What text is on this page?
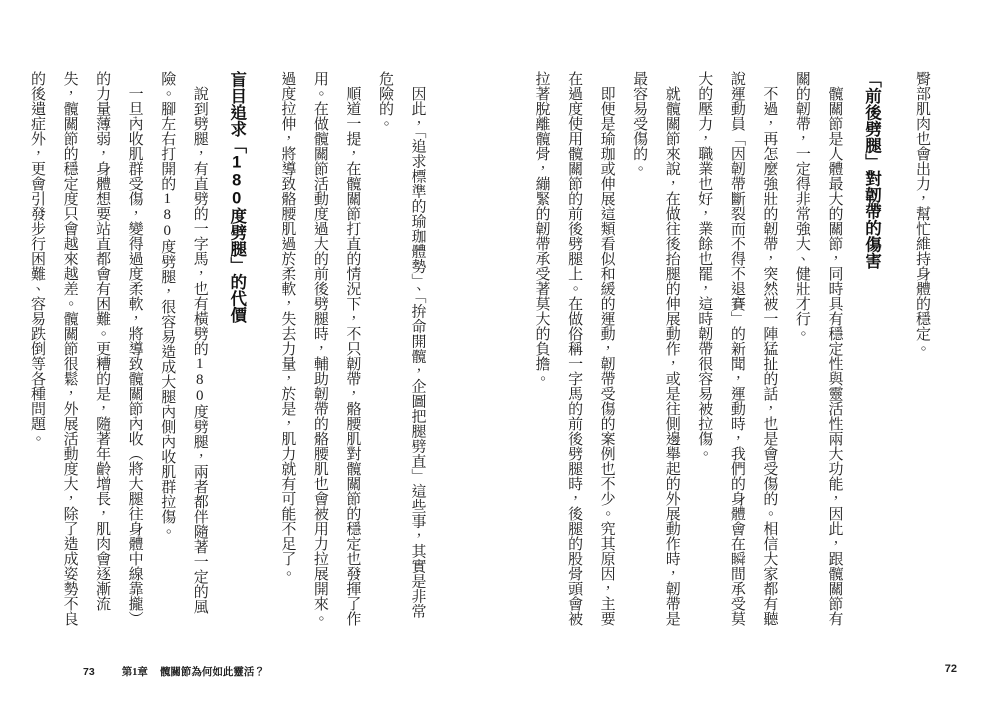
臀部肌肉也會出力，幫忙維持身體的穩定。

「前後劈腿」對韌帶的傷害

髖關節是人體最大的關節，同時具有穩定性與靈活性兩大功能，因此，跟髖關節有關的韌帶，一定得非常強大、健壯才行。

不過，再怎麼強壯的韌帶，突然被一陣猛扯的話，也是會受傷的。相信大家都有聽說運動員「因韌帶斷裂而不得不退賽」的新聞，運動時，我們的身體會在瞬間承受莫大的壓力，職業也好，業餘也罷，這時韌帶很容易被拉傷。

就髖關節來說，在做往後抬腿的伸展動作，或是往側邊舉起的外展動作時，韌帶是最容易受傷的。

即便是瑜珈或伸展這類看似和緩的運動，韌帶受傷的案例也不少。究其原因，主要在過度使用髖關節的前後劈腿上。在做俗稱一字馬的前後劈腿時，後腿的股骨頭會被拉著脫離髖骨，繃緊的韌帶承受著莫大的負擔。

72

因此，「追求標準的瑜珈體勢」、「拚命開髖，企圖把腿劈直」這些事，其實是非常危險的。

順道一提，在髖關節打直的情況下，不只韌帶，骼腰肌對髖關節的穩定也發揮了作用。在做髖關節活動度過大的前後劈腿時，輔助韌帶的骼腰肌也會被用力拉展開來。過度拉伸，將導致骼腰肌過於柔軟，失去力量，於是，肌力就有可能不足了。

盲目追求「180度劈腿」的代價

說到劈腿，有直劈的一字馬，也有橫劈的180度劈腿，兩者都伴隨著一定的風險。腳左右打開的180度劈腿，很容易造成大腿內側內收肌群拉傷。

一旦內收肌群受傷，變得過度柔軟，將導致髖關節內收（將大腿往身體中線靠攏）的力量薄弱，身體想要站直都會有困難。更糟的是，隨著年齡增長，肌肉會逐漸流失，髖關節的穩定度只會越來越差。髖關節很鬆，外展活動度大，除了造成姿勢不良的後遺症外，更會引發步行困難、容易跌倒等各種問題。

73	第1章 髖關節為何如此靈活？
